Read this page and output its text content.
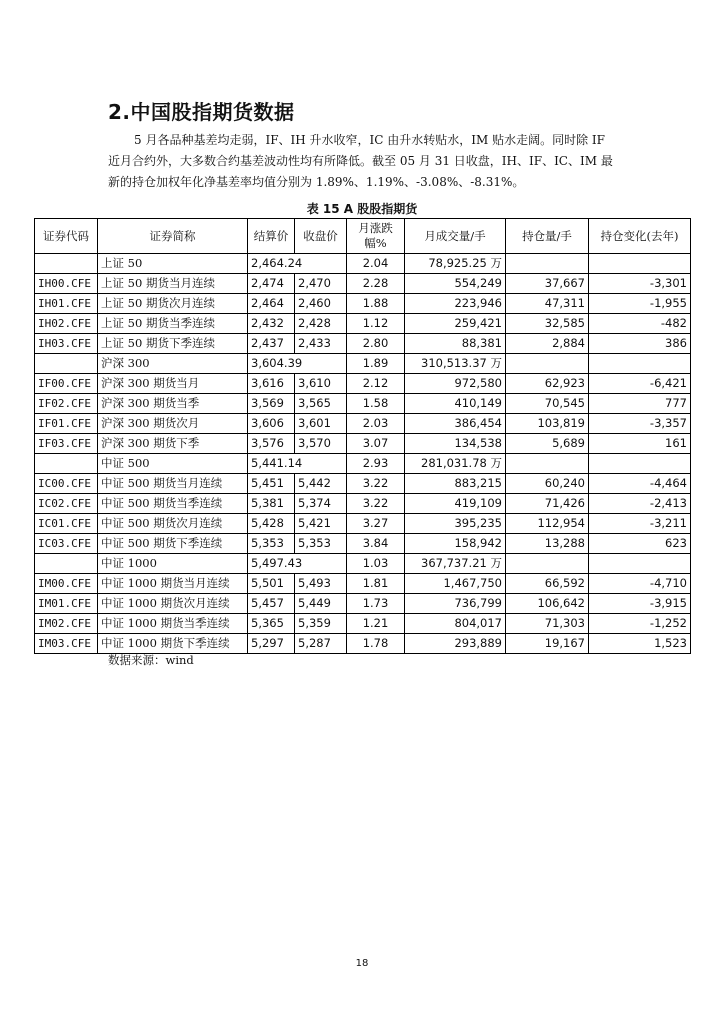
2.中国股指期货数据
5 月各品种基差均走弱，IF、IH 升水收窄，IC 由升水转贴水，IM 贴水走阔。同时除 IF
近月合约外，大多数合约基差波动性均有所降低。截至 05 月 31 日收盘，IH、IF、IC、IM 最
新的持仓加权年化净基差率均值分别为 1.89%、1.19%、-3.08%、-8.31%。
表 15 A 股股指期货
证券代码	证券简称	结算价	收盘价	月涨跌幅%	月成交量/手	持仓量/手	持仓变化(去年)
	上证 50	2,464.24		2.04	78,925.25 万		
IH00.CFE	上证 50 期货当月连续	2,474	2,470	2.28	554,249	37,667	-3,301
IH01.CFE	上证 50 期货次月连续	2,464	2,460	1.88	223,946	47,311	-1,955
IH02.CFE	上证 50 期货当季连续	2,432	2,428	1.12	259,421	32,585	-482
IH03.CFE	上证 50 期货下季连续	2,437	2,433	2.80	88,381	2,884	386
	沪深 300	3,604.39		1.89	310,513.37 万		
IF00.CFE	沪深 300 期货当月	3,616	3,610	2.12	972,580	62,923	-6,421
IF02.CFE	沪深 300 期货当季	3,569	3,565	1.58	410,149	70,545	777
IF01.CFE	沪深 300 期货次月	3,606	3,601	2.03	386,454	103,819	-3,357
IF03.CFE	沪深 300 期货下季	3,576	3,570	3.07	134,538	5,689	161
	中证 500	5,441.14		2.93	281,031.78 万		
IC00.CFE	中证 500 期货当月连续	5,451	5,442	3.22	883,215	60,240	-4,464
IC02.CFE	中证 500 期货当季连续	5,381	5,374	3.22	419,109	71,426	-2,413
IC01.CFE	中证 500 期货次月连续	5,428	5,421	3.27	395,235	112,954	-3,211
IC03.CFE	中证 500 期货下季连续	5,353	5,353	3.84	158,942	13,288	623
	中证 1000	5,497.43		1.03	367,737.21 万		
IM00.CFE	中证 1000 期货当月连续	5,501	5,493	1.81	1,467,750	66,592	-4,710
IM01.CFE	中证 1000 期货次月连续	5,457	5,449	1.73	736,799	106,642	-3,915
IM02.CFE	中证 1000 期货当季连续	5,365	5,359	1.21	804,017	71,303	-1,252
IM03.CFE	中证 1000 期货下季连续	5,297	5,287	1.78	293,889	19,167	1,523
数据来源：wind
18
